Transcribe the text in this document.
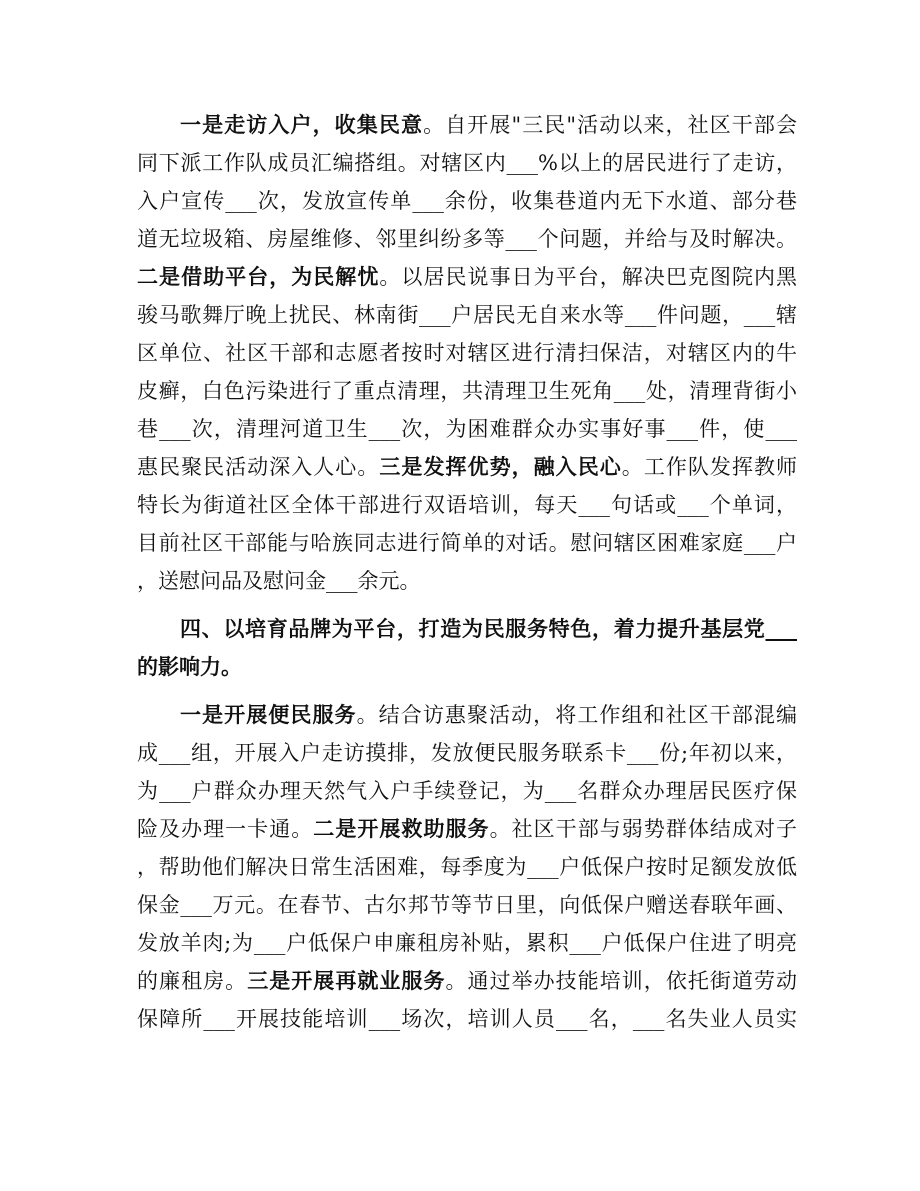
一是走访入户，收集民意。自开展"三民"活动以来，社区干部会
同下派工作队成员汇编搭组。对辖区内___%以上的居民进行了走访，
入户宣传___次，发放宣传单___余份，收集巷道内无下水道、部分巷
道无垃圾箱、房屋维修、邻里纠纷多等___个问题，并给与及时解决。
二是借助平台，为民解忧。以居民说事日为平台，解决巴克图院内黑
骏马歌舞厅晚上扰民、林南街___户居民无自来水等___件问题，___辖
区单位、社区干部和志愿者按时对辖区进行清扫保洁，对辖区内的牛
皮癣，白色污染进行了重点清理，共清理卫生死角___处，清理背街小
巷___次，清理河道卫生___次，为困难群众办实事好事___件，使___
惠民聚民活动深入人心。三是发挥优势，融入民心。工作队发挥教师
特长为街道社区全体干部进行双语培训，每天___句话或___个单词，
目前社区干部能与哈族同志进行简单的对话。慰问辖区困难家庭___户
，送慰问品及慰问金___余元。
四、以培育品牌为平台，打造为民服务特色，着力提升基层党___
的影响力。
一是开展便民服务。结合访惠聚活动，将工作组和社区干部混编
成___组，开展入户走访摸排，发放便民服务联系卡___份;年初以来，
为___户群众办理天然气入户手续登记，为___名群众办理居民医疗保
险及办理一卡通。二是开展救助服务。社区干部与弱势群体结成对子
，帮助他们解决日常生活困难，每季度为___户低保户按时足额发放低
保金___万元。在春节、古尔邦节等节日里，向低保户赠送春联年画、
发放羊肉;为___户低保户申廉租房补贴，累积___户低保户住进了明亮
的廉租房。三是开展再就业服务。通过举办技能培训，依托街道劳动
保障所___开展技能培训___场次，培训人员___名，___名失业人员实
